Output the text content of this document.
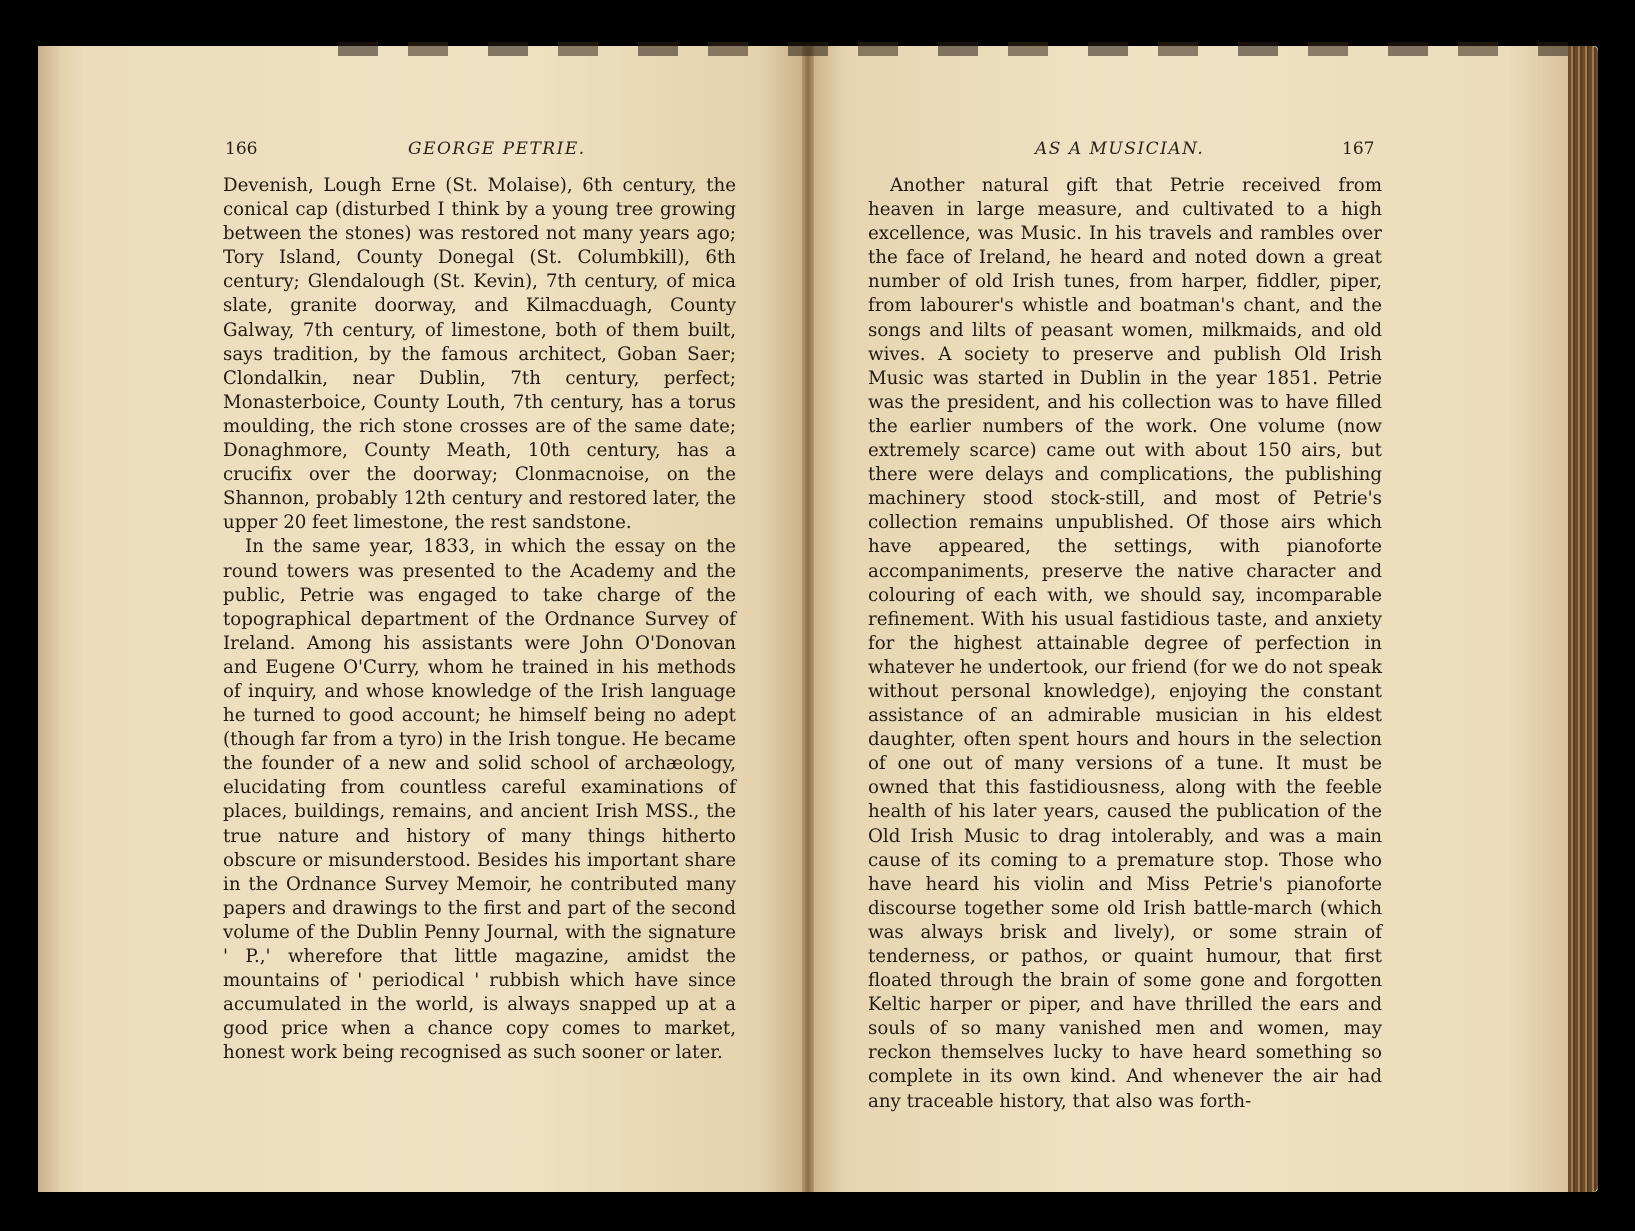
166	GEORGE PETRIE.

Devenish, Lough Erne (St. Molaise), 6th century, the conical cap (disturbed I think by a young tree growing between the stones) was restored not many years ago; Tory Island, County Donegal (St. Columbkill), 6th century; Glendalough (St. Kevin), 7th century, of mica slate, granite doorway, and Kilmacduagh, County Galway, 7th century, of limestone, both of them built, says tradition, by the famous architect, Goban Saer; Clondalkin, near Dublin, 7th century, perfect; Monasterboice, County Louth, 7th century, has a torus moulding, the rich stone crosses are of the same date; Donaghmore, County Meath, 10th century, has a crucifix over the doorway; Clonmacnoise, on the Shannon, probably 12th century and restored later, the upper 20 feet limestone, the rest sandstone.

In the same year, 1833, in which the essay on the round towers was presented to the Academy and the public, Petrie was engaged to take charge of the topographical department of the Ordnance Survey of Ireland. Among his assistants were John O'Donovan and Eugene O'Curry, whom he trained in his methods of inquiry, and whose knowledge of the Irish language he turned to good account; he himself being no adept (though far from a tyro) in the Irish tongue. He became the founder of a new and solid school of archæology, elucidating from countless careful examinations of places, buildings, remains, and ancient Irish MSS., the true nature and history of many things hitherto obscure or misunderstood. Besides his important share in the Ordnance Survey Memoir, he contributed many papers and drawings to the first and part of the second volume of the Dublin Penny Journal, with the signature ' P.,' wherefore that little magazine, amidst the mountains of ' periodical ' rubbish which have since accumulated in the world, is always snapped up at a good price when a chance copy comes to market, honest work being recognised as such sooner or later.

AS A MUSICIAN.	167

Another natural gift that Petrie received from heaven in large measure, and cultivated to a high excellence, was Music. In his travels and rambles over the face of Ireland, he heard and noted down a great number of old Irish tunes, from harper, fiddler, piper, from labourer's whistle and boatman's chant, and the songs and lilts of peasant women, milkmaids, and old wives. A society to preserve and publish Old Irish Music was started in Dublin in the year 1851. Petrie was the president, and his collection was to have filled the earlier numbers of the work. One volume (now extremely scarce) came out with about 150 airs, but there were delays and complications, the publishing machinery stood stock-still, and most of Petrie's collection remains unpublished. Of those airs which have appeared, the settings, with pianoforte accompaniments, preserve the native character and colouring of each with, we should say, incomparable refinement. With his usual fastidious taste, and anxiety for the highest attainable degree of perfection in whatever he undertook, our friend (for we do not speak without personal knowledge), enjoying the constant assistance of an admirable musician in his eldest daughter, often spent hours and hours in the selection of one out of many versions of a tune. It must be owned that this fastidiousness, along with the feeble health of his later years, caused the publication of the Old Irish Music to drag intolerably, and was a main cause of its coming to a premature stop. Those who have heard his violin and Miss Petrie's pianoforte discourse together some old Irish battle-march (which was always brisk and lively), or some strain of tenderness, or pathos, or quaint humour, that first floated through the brain of some gone and forgotten Keltic harper or piper, and have thrilled the ears and souls of so many vanished men and women, may reckon themselves lucky to have heard something so complete in its own kind. And whenever the air had any traceable history, that also was forth-
